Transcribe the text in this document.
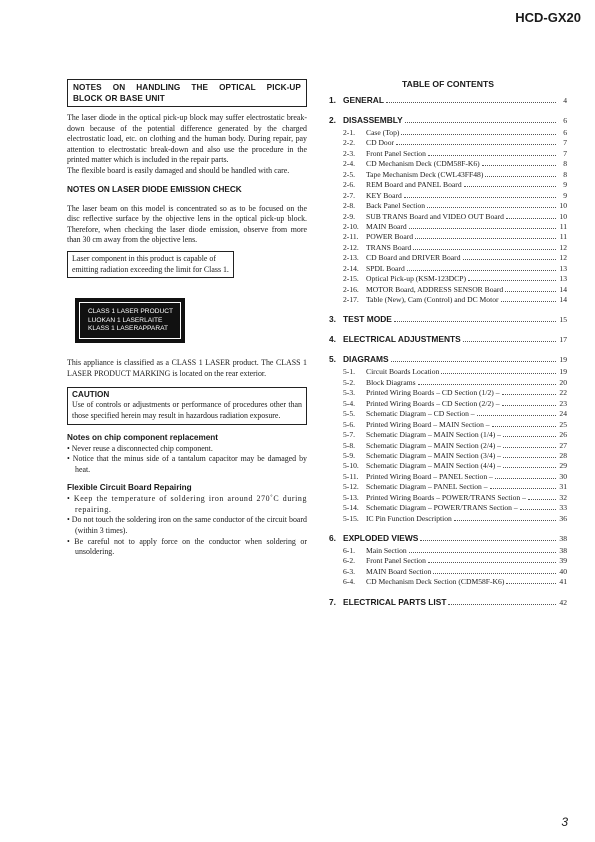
HCD-GX20
NOTES ON HANDLING THE OPTICAL PICK-UP
BLOCK OR BASE UNIT

The laser diode in the optical pick-up block may suffer electrostatic break-down because of the potential difference generated by the charged electrostatic load, etc. on clothing and the human body. During repair, pay attention to electrostatic break-down and also use the procedure in the printed matter which is included in the repair parts.

The flexible board is easily damaged and should be handled with care.

NOTES ON LASER DIODE EMISSION CHECK

The laser beam on this model is concentrated so as to be focused on the disc reflective surface by the objective lens in the optical pick-up block. Therefore, when checking the laser diode emission, observe from more than 30 cm away from the objective lens.

Laser component in this product is capable of emitting radiation exceeding the limit for Class 1.
CLASS 1 LASER PRODUCT
LUOKAN 1 LASERLAITE
KLASS 1 LASERAPPARAT

This appliance is classified as a CLASS 1 LASER product. The CLASS 1 LASER PRODUCT MARKING is located on the rear exterior.

CAUTION
Use of controls or adjustments or performance of procedures other than those specified herein may result in hazardous radiation exposure.

Notes on chip component replacement

• Never reuse a disconnected chip component.

• Notice that the minus side of a tantalum capacitor may be damaged by heat.

Flexible Circuit Board Repairing

• Keep the temperature of soldering iron around 270˚C during repairing.

• Do not touch the soldering iron on the same conductor of the circuit board (within 3 times).

• Be careful not to apply force on the conductor when soldering or unsoldering.

TABLE OF CONTENTS

1. GENERAL	4
2. DISASSEMBLY	6
2-1.	Case (Top)	6
2-2.	CD Door	7
2-3.	Front Panel Section	7
2-4.	CD Mechanism Deck (CDM58F-K6)	8
2-5.	Tape Mechanism Deck (CWL43FF48)	8
2-6.	REM Board and PANEL Board	9
2-7.	KEY Board	9
2-8.	Back Panel Section	10
2-9.	SUB TRANS Board and VIDEO OUT Board	10
2-10. MAIN Board	11
2-11. POWER Board	11
2-12. TRANS Board	12
2-13. CD Board and DRIVER Board	12
2-14. SPDL Board	13
2-15. Optical Pick-up (KSM-123DCP)	13
2-16. MOTOR Board, ADDRESS SENSOR Board	14
2-17. Table (New), Cam (Control) and DC Motor	14
3. TEST MODE	15
4. ELECTRICAL ADJUSTMENTS	17
5. DIAGRAMS	19
5-1.	Circuit Boards Location	19
5-2.	Block Diagrams	20
5-3.	Printed Wiring Boards – CD Section (1/2) –	22
5-4.	Printed Wiring Boards – CD Section (2/2) –	23
5-5.	Schematic Diagram – CD Section –	24
5-6.	Printed Wiring Board – MAIN Section –	25
5-7.	Schematic Diagram – MAIN Section (1/4) –	26
5-8.	Schematic Diagram – MAIN Section (2/4) –	27
5-9.	Schematic Diagram – MAIN Section (3/4) –	28
5-10. Schematic Diagram – MAIN Section (4/4) –	29
5-11. Printed Wiring Board – PANEL Section –	30
5-12. Schematic Diagram – PANEL Section –	31
5-13. Printed Wiring Boards – POWER/TRANS Section –	32
5-14. Schematic Diagram – POWER/TRANS Section –	33
5-15. IC Pin Function Description	36
6. EXPLODED VIEWS	38
6-1.	Main Section	38
6-2.	Front Panel Section	39
6-3.	MAIN Board Section	40
6-4.	CD Mechanism Deck Section (CDM58F-K6)	41
7. ELECTRICAL PARTS LIST	42
3
